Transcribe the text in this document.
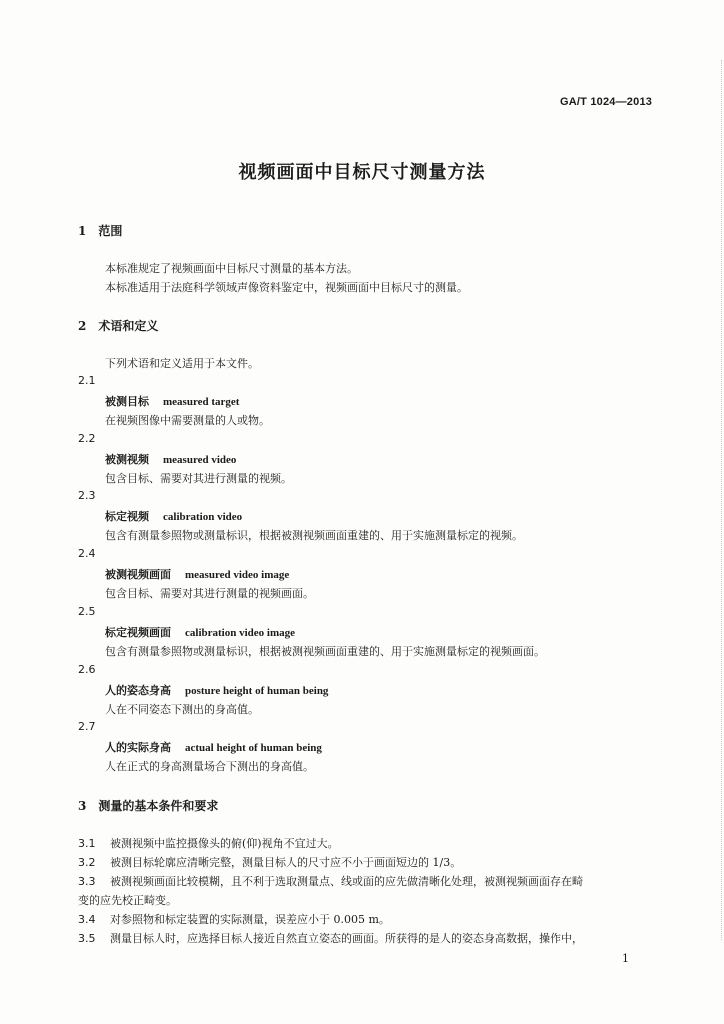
GA/T 1024—2013
视频画面中目标尺寸测量方法
1　范围
本标准规定了视频画面中目标尺寸测量的基本方法。
本标准适用于法庭科学领域声像资料鉴定中，视频画面中目标尺寸的测量。
2　术语和定义
下列术语和定义适用于本文件。
2.1
被测目标 measured target
在视频图像中需要测量的人或物。
2.2
被测视频 measured video
包含目标、需要对其进行测量的视频。
2.3
标定视频 calibration video
包含有测量参照物或测量标识，根据被测视频画面重建的、用于实施测量标定的视频。
2.4
被测视频画面 measured video image
包含目标、需要对其进行测量的视频画面。
2.5
标定视频画面 calibration video image
包含有测量参照物或测量标识，根据被测视频画面重建的、用于实施测量标定的视频画面。
2.6
人的姿态身高 posture height of human being
人在不同姿态下测出的身高值。
2.7
人的实际身高 actual height of human being
人在正式的身高测量场合下测出的身高值。
3　测量的基本条件和要求
3.1 被测视频中监控摄像头的俯(仰)视角不宜过大。
3.2 被测目标轮廓应清晰完整，测量目标人的尺寸应不小于画面短边的 1/3。
3.3 被测视频画面比较模糊，且不利于选取测量点、线或面的应先做清晰化处理，被测视频画面存在畸
变的应先校正畸变。
3.4 对参照物和标定装置的实际测量，误差应小于 0.005 m。
3.5 测量目标人时，应选择目标人接近自然直立姿态的画面。所获得的是人的姿态身高数据，操作中，
1
